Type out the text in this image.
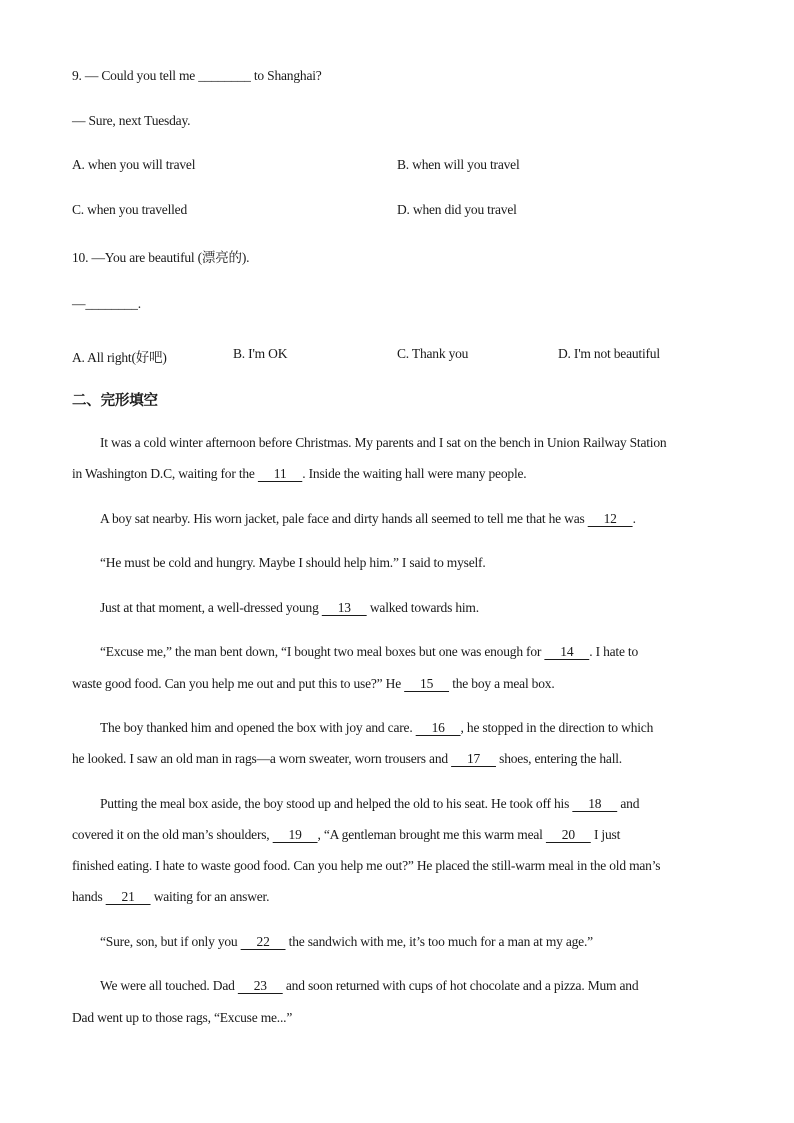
9. — Could you tell me ________ to Shanghai?
— Sure, next Tuesday.
A. when you will travel	B. when will you travel
C. when you travelled	D. when did you travel
10. —You are beautiful (漂亮的).
—________.
A. All right(好吧)	B. I'm OK	C. Thank you	D. I'm not beautiful
二、完形填空
It was a cold winter afternoon before Christmas. My parents and I sat on the bench in Union Railway Station
in Washington D.C, waiting for the      11     . Inside the waiting hall were many people.
A boy sat nearby. His worn jacket, pale face and dirty hands all seemed to tell me that he was      12     .
“He must be cold and hungry. Maybe I should help him.” I said to myself.
Just at that moment, a well-dressed young      13      walked towards him.
“Excuse me,” the man bent down, “I bought two meal boxes but one was enough for      14     . I hate to
waste good food. Can you help me out and put this to use?” He      15      the boy a meal box.
The boy thanked him and opened the box with joy and care.      16     , he stopped in the direction to which
he looked. I saw an old man in rags—a worn sweater, worn trousers and      17      shoes, entering the hall.
Putting the meal box aside, the boy stood up and helped the old to his seat. He took off his      18      and
covered it on the old man’s shoulders,      19     , “A gentleman brought me this warm meal      20      I just
finished eating. I hate to waste good food. Can you help me out?” He placed the still-warm meal in the old man’s
hands      21      waiting for an answer.
“Sure, son, but if only you      22      the sandwich with me, it’s too much for a man at my age.”
We were all touched. Dad      23      and soon returned with cups of hot chocolate and a pizza. Mum and
Dad went up to those rags, “Excuse me...”
